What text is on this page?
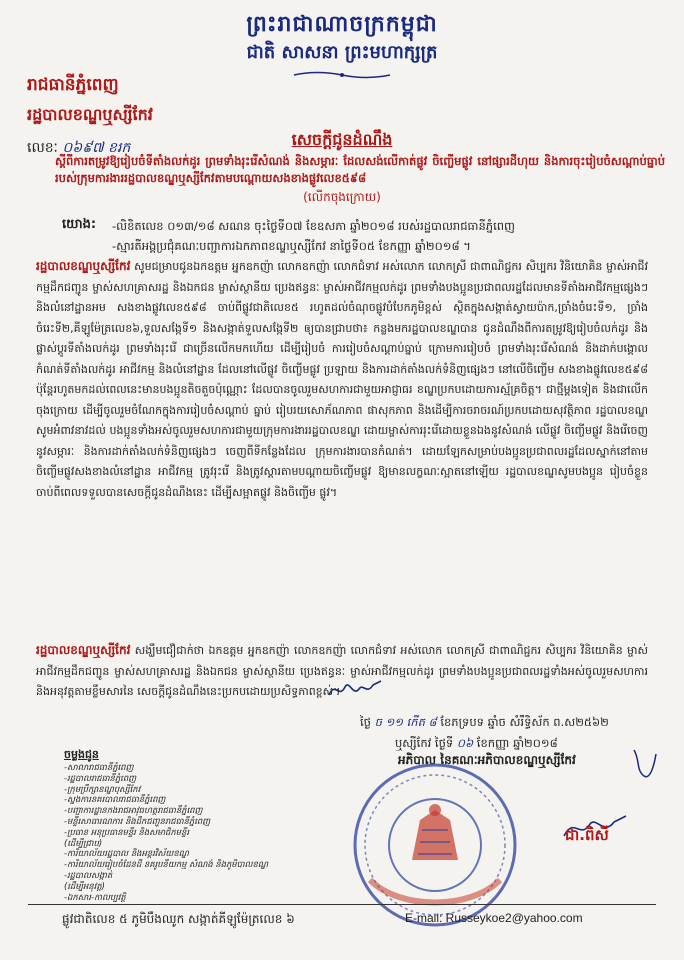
ព្រះរាជាណាចក្រកម្ពុជា
ជាតិ សាសនា ព្រះមហាក្សត្រ
រាជធានីភ្នំពេញ
រដ្ឋបាលខណ្ឌឬស្សីកែវ
លេខៈ ០៦៩៧ ខរក	សេចក្តីជូនដំណឹង
ស្តីពីការតម្រូវឱ្យរៀបចំទីតាំងលក់ដូរ ព្រមទាំងរុះរើសំណង់ និងសម្ភារៈ ដែលសង់លើកាត់ផ្លូវ ចិញ្ចើមផ្លូវ នៅផ្សារដីហុយ និងការចុះរៀបចំសណ្តាប់ធ្នាប់របស់ក្រុមការងាររដ្ឋបាលខណ្ឌឬស្សីកែវតាមបណ្តោយសងខាងផ្លូវលេខ៥៩៨
(លើកចុងក្រោយ)
យោង: -លិខិតលេខ ០១៣/១៨ សណន ចុះថ្ងៃទី០៧ ខែឧសភា ឆ្នាំ២០១៨ របស់រដ្ឋបាលរាជធានីភ្នំពេញ
-ស្មារតីអង្គប្រជុំគណៈបញ្ជាការឯកភាពខណ្ឌឬស្សីកែវ នាថ្ងៃទី០៥ ខែកញ្ញា ឆ្នាំ២០១៨ ។
រដ្ឋបាលខណ្ឌឬស្សីកែវ សូមជម្រាបជូនឯកឧត្តម អ្នកឧកញ៉ា លោកឧកញ៉ា លោកជំទាវ អស់លោក លោកស្រី ជាពាណិជ្ជករ សិប្បករ វិនិយោគិន ម្ចាស់អាជីវកម្មដឹកជញ្ជូន ម្ចាស់សហគ្រាសរដ្ឋ និងឯកជន ម្ចាស់ស្ថានីយ ប្រេងឥន្ធនៈ ម្ចាស់អាជីវកម្មលក់ដូរ ព្រមទាំងបងប្អូនប្រជាពលរដ្ឋដែលមានទីតាំងអាជីវកម្មផ្សេងៗ និងលំនៅដ្ឋានអម សងខាងផ្លូវលេខ៥៩៨ ចាប់ពីផ្លូវជាតិលេខ៥ រហូតដល់ចំណុចផ្លូវបំបែកភូមិខ្ពស់ ស្ថិតក្នុងសង្កាត់ស្វាយប៉ាក,ច្រាំងចំរេះទី១, ច្រាំងចំរេះទី២,គីឡូម៉ែត្រលេខ៦,ទួលសង្កែទី១ និងសង្កាត់ទួលសង្កែទី២ ឲ្យបានជ្រាបថា៖ កន្លងមករដ្ឋបាលខណ្ឌបាន ជូនដំណឹងពីការតម្រូវឱ្យរៀបចំលក់ដូរ និងផ្លាស់ប្តូរទីតាំងលក់ដូរ ព្រមទាំងរុះរើ ជាច្រើនលើកមកហើយ ដើម្បីរៀបចំ ការរៀបចំសណ្តាប់ធ្នាប់ ក្រោមការរៀបចំ ព្រមទាំងរុះរើសំណង់ និងដាក់បង្គោលកំណត់ទីតាំងលក់ដូរ អាជីវកម្ម និងលំនៅដ្ឋាន ដែលនៅលើផ្លូវ ចិញ្ចើមផ្លូវ ប្រឡាយ និងការដាក់តាំងលក់ទំនិញផ្សេងៗ នៅលើចិញ្ចើម សងខាងផ្លូវលេខ៥៩៨ ប៉ុន្តែរហូតមកដល់ពេលនេះមានបងប្អូនតិចតួចប៉ុណ្ណោះ ដែលបានចូលរួមសហការជាមួយអាជ្ញាធរ ខណ្ឌប្រកបដោយការស្ម័គ្រចិត្ត។ ជាថ្មីម្តងទៀត និងជាលើកចុងក្រោយ ដើម្បីចូលរួមចំណែកក្នុងការរៀបចំសណ្តាប់ ធ្នាប់ រៀបរយសោភ័ណភាព ផាសុកភាព និងដើម្បីការចរាចរណ៍ប្រកបដោយសុវត្ថិភាព រដ្ឋបាលខណ្ឌសូមអំពាវនាវដល់ បងប្អូនទាំងអស់ចូលរួមសហការជាមួយក្រុមការងាររដ្ឋបាលខណ្ឌ ដោយម្ចាស់ការរុះរើដោយខ្លួនឯងនូវសំណង់ លើផ្លូវ ចិញ្ចើមផ្លូវ និងរើចេញ នូវសម្ភារៈ និងការដាក់តាំងលក់ទំនិញផ្សេងៗ ចេញពីទីកន្លែងដែល ក្រុមការងារបានកំណត់។ ដោយឡែកសម្រាប់បងប្អូនប្រជាពលរដ្ឋដែលស្នាក់នៅតាមចិញ្ចើមផ្លូវសងខាងលំនៅដ្ឋាន អាជីវកម្ម ត្រូវរុះរើ និងត្រូវស្តារតាមបណ្តាយចិញ្ចើមផ្លូវ ឱ្យមានលក្ខណៈស្អាតនៅឡើយ រដ្ឋបាលខណ្ឌសូមបងប្អូន រៀបចំខ្លួន ចាប់ពីពេលទទួលបានសេចក្តីជូនដំណឹងនេះ ដើម្បីសម្អាតផ្លូវ និងចិញ្ចើម ផ្លូវ។
រដ្ឋបាលខណ្ឌឬស្សីកែវ សង្ឃឹមជឿជាក់ថា ឯកឧត្តម អ្នកឧកញ៉ា លោកឧកញ៉ា លោកជំទាវ អស់លោក លោកស្រី ជាពាណិជ្ជករ សិប្បករ វិនិយោគិន ម្ចាស់អាជីវកម្មដឹកជញ្ជូន ម្ចាស់សហគ្រាសរដ្ឋ និងឯកជន ម្ចាស់ស្ថានីយ ប្រេងឥន្ធនៈ ម្ចាស់អាជីវកម្មលក់ដូរ ព្រមទាំងបងប្អូនប្រជាពលរដ្ឋទាំងអស់ចូលរួមសហការ និងអនុវត្តតាមខ្លឹមសារនៃ សេចក្តីជូនដំណឹងនេះប្រកបដោយប្រសិទ្ធភាពខ្ពស់។
ថ្ងៃ ច ១១ កើត ៨ ខែភទ្របទ ឆ្នាំច សំរឹទ្ធិស័ក ព.ស២៥៦២
ឬស្សីកែវ ថ្ងៃទី ០៦ ខែកញ្ញា ឆ្នាំ២០១៨
អភិបាល នៃគណៈអភិបាលខណ្ឌឬស្សីកែវ
ជា.ពិសី
ចម្លងជូន
-សាលារាជធានីភ្នំពេញ
-រដ្ឋបាលរាជធានីភ្នំពេញ
-ក្រុមប្រឹក្សាខណ្ឌឬស្សីកែវ
-ស្នងការនគរបាលរាជធានីភ្នំពេញ
-បញ្ជាការដ្ឋានកងរាជអាវុធហត្ថរាជធានីភ្នំពេញ
-មន្ទីរសាធារណការ និងដឹកជញ្ជូនរាជធានីភ្នំពេញ
-ប្រធាន អនុប្រធានមន្ទីរ និងសមាជិកមន្ទីរ
(ដើម្បីជ្រាប)
-ការិយាល័យរដ្ឋបាល និងអន្តរវិស័យខណ្ឌ
-ការិយាល័យរៀបចំដែនដី នគរូបនីយកម្ម សំណង់ និងភូមិបាលខណ្ឌ
-រដ្ឋបាលសង្កាត់
(ដើម្បីអនុវត្ត)
-ឯកសារ-កាលប្បវត្តិ
ផ្លូវជាតិលេខ ៥ ភូមិបឹងឈូក សង្កាត់គីឡូម៉ែត្រលេខ ៦	E-mail: Russeykoe2@yahoo.com
